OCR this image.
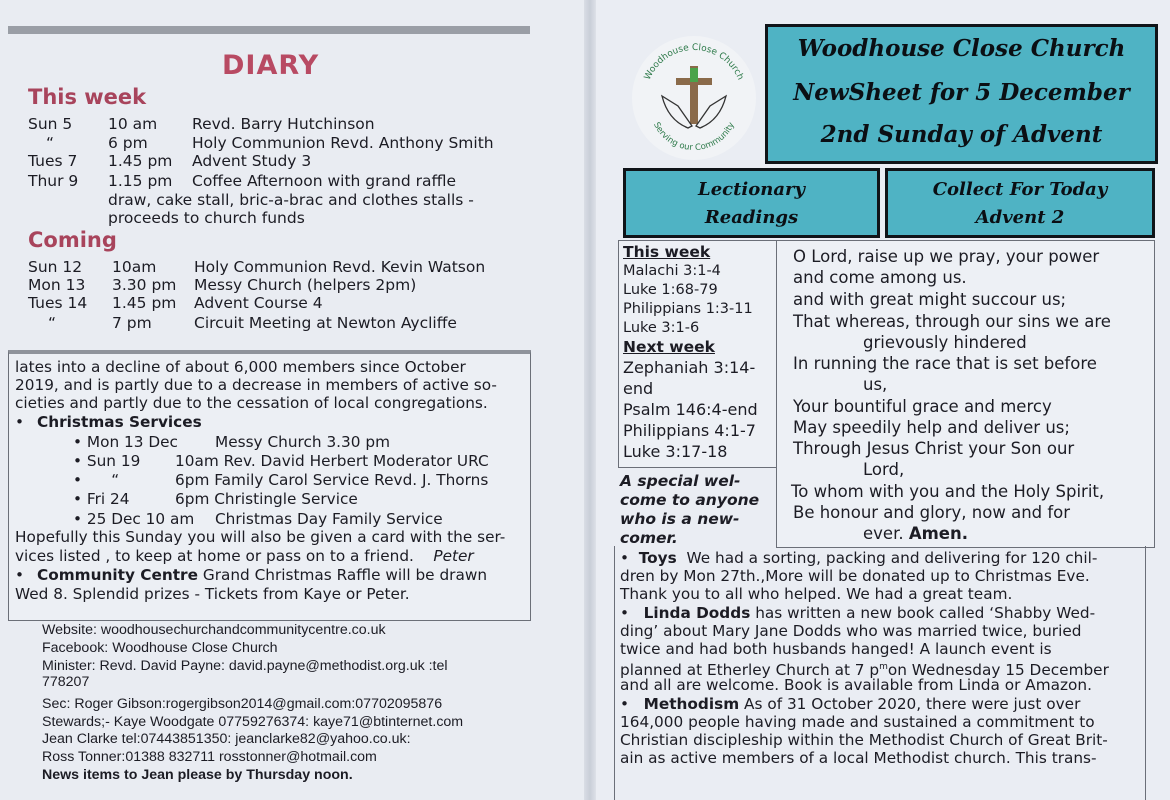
DIARY
This week
Sun 5 10 am Revd. Barry Hutchinson
“	6 pm	Holy Communion Revd. Anthony Smith
Tues 7 1.45 pm Advent Study 3
Thur 9 1.15 pm Coffee Afternoon with grand raffle
draw, cake stall, bric-a-brac and clothes stalls -
proceeds to church funds
Coming
Sun 12 10am Holy Communion Revd. Kevin Watson
Mon 13 3.30 pm Messy Church (helpers 2pm)
Tues 14 1.45 pm Advent Course 4
“	7 pm	Circuit Meeting at Newton Aycliffe
lates into a decline of about 6,000 members since October
2019, and is partly due to a decrease in members of active so-
cieties and partly due to the cessation of local congregations.
• Christmas Services
• Mon 13 Dec Messy Church 3.30 pm
• Sun 19 10am Rev. David Herbert Moderator URC
•      “	6pm Family Carol Service Revd. J. Thorns
• Fri 24	6pm Christingle Service
• 25 Dec 10 am Christmas Day Family Service
Hopefully this Sunday you will also be given a card with the ser-
vices listed , to keep at home or pass on to a friend. Peter
• Community Centre Grand Christmas Raffle will be drawn
Wed 8. Splendid prizes - Tickets from Kaye or Peter.
Website: woodhousechurchandcommunitycentre.co.uk
Facebook: Woodhouse Close Church
Minister: Revd. David Payne: david.payne@methodist.org.uk :tel
778207
Sec: Roger Gibson:rogergibson2014@gmail.com:07702095876
Stewards;- Kaye Woodgate 07759276374: kaye71@btinternet.com
Jean Clarke tel:07443851350: jeanclarke82@yahoo.co.uk:
Ross Tonner:01388 832711 rosstonner@hotmail.com
News items to Jean please by Thursday noon.
Woodhouse Close Church
Serving our Community
Woodhouse Close Church
NewSheet for 5 December
2nd Sunday of Advent
Lectionary
Readings
Collect For Today
Advent 2
This week
Malachi 3:1-4
Luke 1:68-79
Philippians 1:3-11
Luke 3:1-6
Next week
Zephaniah 3:14-
end
Psalm 146:4-end
Philippians 4:1-7
Luke 3:17-18
O Lord, raise up we pray, your power
and come among us.
and with great might succour us;
That whereas, through our sins we are
grievously hindered
In running the race that is set before
us,
Your bountiful grace and mercy
May speedily help and deliver us;
Through Jesus Christ your Son our
Lord,
To whom with you and the Holy Spirit,
Be honour and glory, now and for
ever. Amen.
A special wel-
come to anyone
who is a new-
comer.
• Toys We had a sorting, packing and delivering for 120 chil-
dren by Mon 27th.,More will be donated up to Christmas Eve.
Thank you to all who helped. We had a great team.
• Linda Dodds has written a new book called ‘Shabby Wed-
ding’ about Mary Jane Dodds who was married twice, buried
twice and had both husbands hanged! A launch event is
planned at Etherley Church at 7 $p^mon$ Wednesday 15 December
and all are welcome. Book is available from Linda or Amazon.
• Methodism As of 31 October 2020, there were just over
164,000 people having made and sustained a commitment to
Christian discipleship within the Methodist Church of Great Brit-
ain as active members of a local Methodist church. This trans-
